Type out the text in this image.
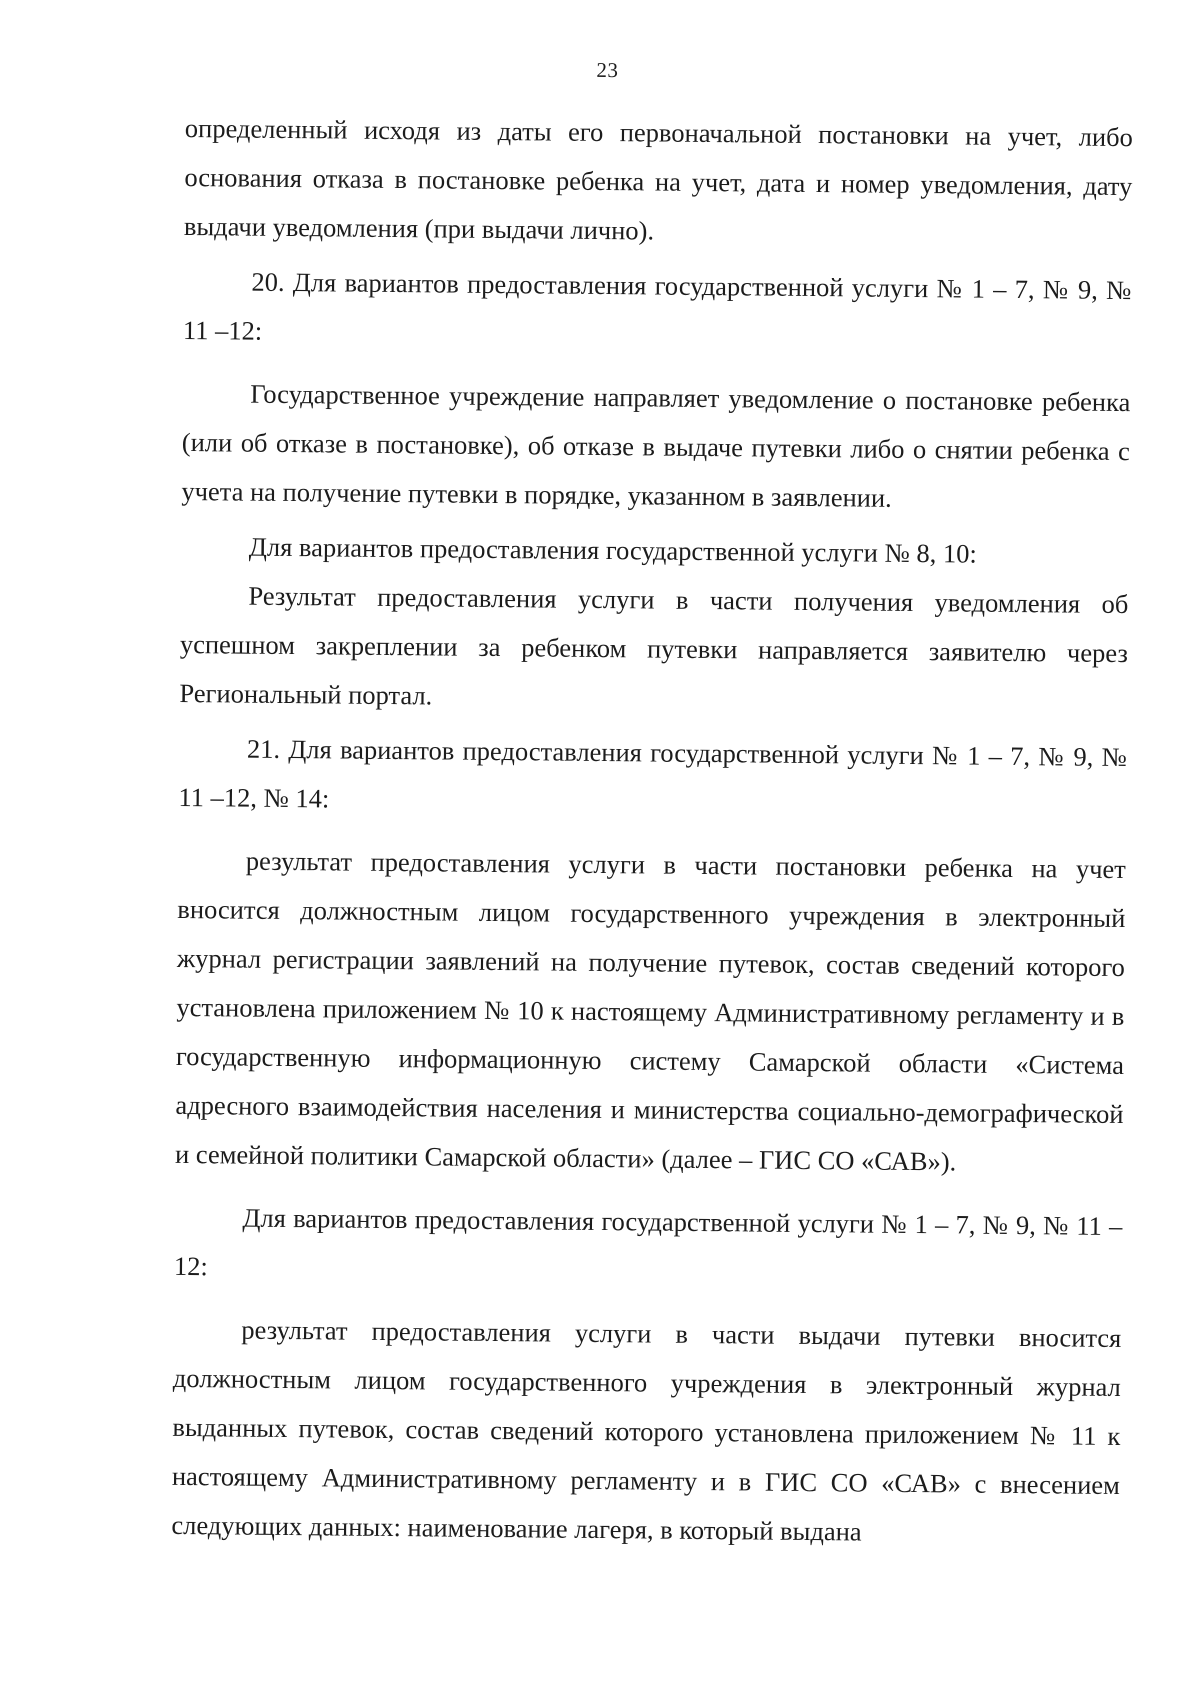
23

определенный исходя из даты его первоначальной постановки на учет, либо основания отказа в постановке ребенка на учет, дата и номер уведомления, дату выдачи уведомления (при выдачи лично).

20. Для вариантов предоставления государственной услуги № 1 – 7, № 9, № 11 –12:

Государственное учреждение направляет уведомление о постановке ребенка (или об отказе в постановке), об отказе в выдаче путевки либо о снятии ребенка с учета на получение путевки в порядке, указанном в заявлении.

Для вариантов предоставления государственной услуги № 8, 10:

Результат предоставления услуги в части получения уведомления об успешном закреплении за ребенком путевки направляется заявителю через Региональный портал.

21. Для вариантов предоставления государственной услуги № 1 – 7, № 9, № 11 –12, № 14:

результат предоставления услуги в части постановки ребенка на учет вносится должностным лицом государственного учреждения в электронный журнал регистрации заявлений на получение путевок, состав сведений которого установлена приложением № 10 к настоящему Административному регламенту и в государственную информационную систему Самарской области «Система адресного взаимодействия населения и министерства социально-демографической и семейной политики Самарской области» (далее – ГИС СО «САВ»).

Для вариантов предоставления государственной услуги № 1 – 7, № 9, № 11 –12:

результат предоставления услуги в части выдачи путевки вносится должностным лицом государственного учреждения в электронный журнал выданных путевок, состав сведений которого установлена приложением № 11 к настоящему Административному регламенту и в ГИС СО «САВ» с внесением следующих данных: наименование лагеря, в который выдана
